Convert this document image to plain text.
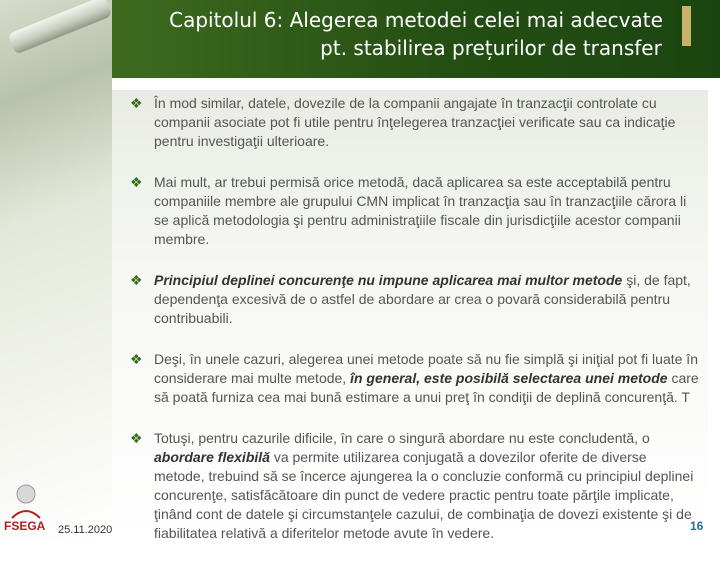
Capitolul 6: Alegerea metodei celei mai adecvate
pt. stabilirea prețurilor de transfer
❖ În mod similar, datele, dovezile de la companii angajate în tranzacţii controlate cu companii asociate pot fi utile pentru înţelegerea tranzacţiei verificate sau ca indicaţie pentru investigaţii ulterioare.
❖ Mai mult, ar trebui permisă orice metodă, dacă aplicarea sa este acceptabilă pentru companiile membre ale grupului CMN implicat în tranzacţia sau în tranzacţiile cărora li se aplică metodologia şi pentru administraţiile fiscale din jurisdicţiile acestor companii membre.
❖ Principiul deplinei concurenţe nu impune aplicarea mai multor metode şi, de fapt, dependenţa excesivă de o astfel de abordare ar crea o povară considerabilă pentru contribuabili.
❖ Deşi, în unele cazuri, alegerea unei metode poate să nu fie simplă şi iniţial pot fi luate în considerare mai multe metode, în general, este posibilă selectarea unei metode care să poată furniza cea mai bună estimare a unui preţ în condiţii de deplină concurenţă. T
❖ Totuşi, pentru cazurile dificile, în care o singură abordare nu este concludentă, o abordare flexibilă va permite utilizarea conjugată a dovezilor oferite de diverse metode, trebuind să se încerce ajungerea la o concluzie conformă cu principiul deplinei concurenţe, satisfăcătoare din punct de vedere practic pentru toate părţile implicate, ţinând cont de datele şi circumstanţele cazului, de combinaţia de dovezi existente şi de fiabilitatea relativă a diferitelor metode avute în vedere.
FSEGA 25.11.2020	16
